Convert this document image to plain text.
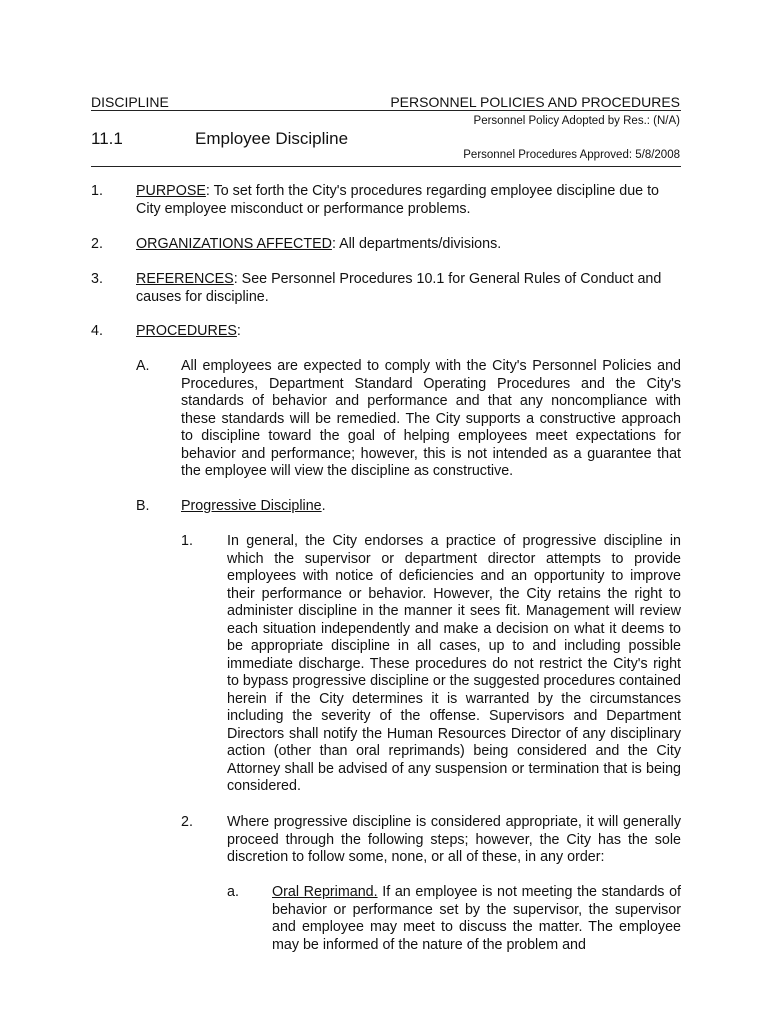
DISCIPLINE	PERSONNEL POLICIES AND PROCEDURES
Personnel Policy Adopted by Res.: (N/A)
11.1	Employee Discipline
Personnel Procedures Approved: 5/8/2008
1. PURPOSE: To set forth the City's procedures regarding employee discipline due to City employee misconduct or performance problems.
2. ORGANIZATIONS AFFECTED: All departments/divisions.
3. REFERENCES: See Personnel Procedures 10.1 for General Rules of Conduct and causes for discipline.
4. PROCEDURES:
A. All employees are expected to comply with the City's Personnel Policies and Procedures, Department Standard Operating Procedures and the City's standards of behavior and performance and that any noncompliance with these standards will be remedied. The City supports a constructive approach to discipline toward the goal of helping employees meet expectations for behavior and performance; however, this is not intended as a guarantee that the employee will view the discipline as constructive.
B. Progressive Discipline.
1. In general, the City endorses a practice of progressive discipline in which the supervisor or department director attempts to provide employees with notice of deficiencies and an opportunity to improve their performance or behavior. However, the City retains the right to administer discipline in the manner it sees fit. Management will review each situation independently and make a decision on what it deems to be appropriate discipline in all cases, up to and including possible immediate discharge. These procedures do not restrict the City's right to bypass progressive discipline or the suggested procedures contained herein if the City determines it is warranted by the circumstances including the severity of the offense. Supervisors and Department Directors shall notify the Human Resources Director of any disciplinary action (other than oral reprimands) being considered and the City Attorney shall be advised of any suspension or termination that is being considered.
2. Where progressive discipline is considered appropriate, it will generally proceed through the following steps; however, the City has the sole discretion to follow some, none, or all of these, in any order:
a. Oral Reprimand. If an employee is not meeting the standards of behavior or performance set by the supervisor, the supervisor and employee may meet to discuss the matter. The employee may be informed of the nature of the problem and
